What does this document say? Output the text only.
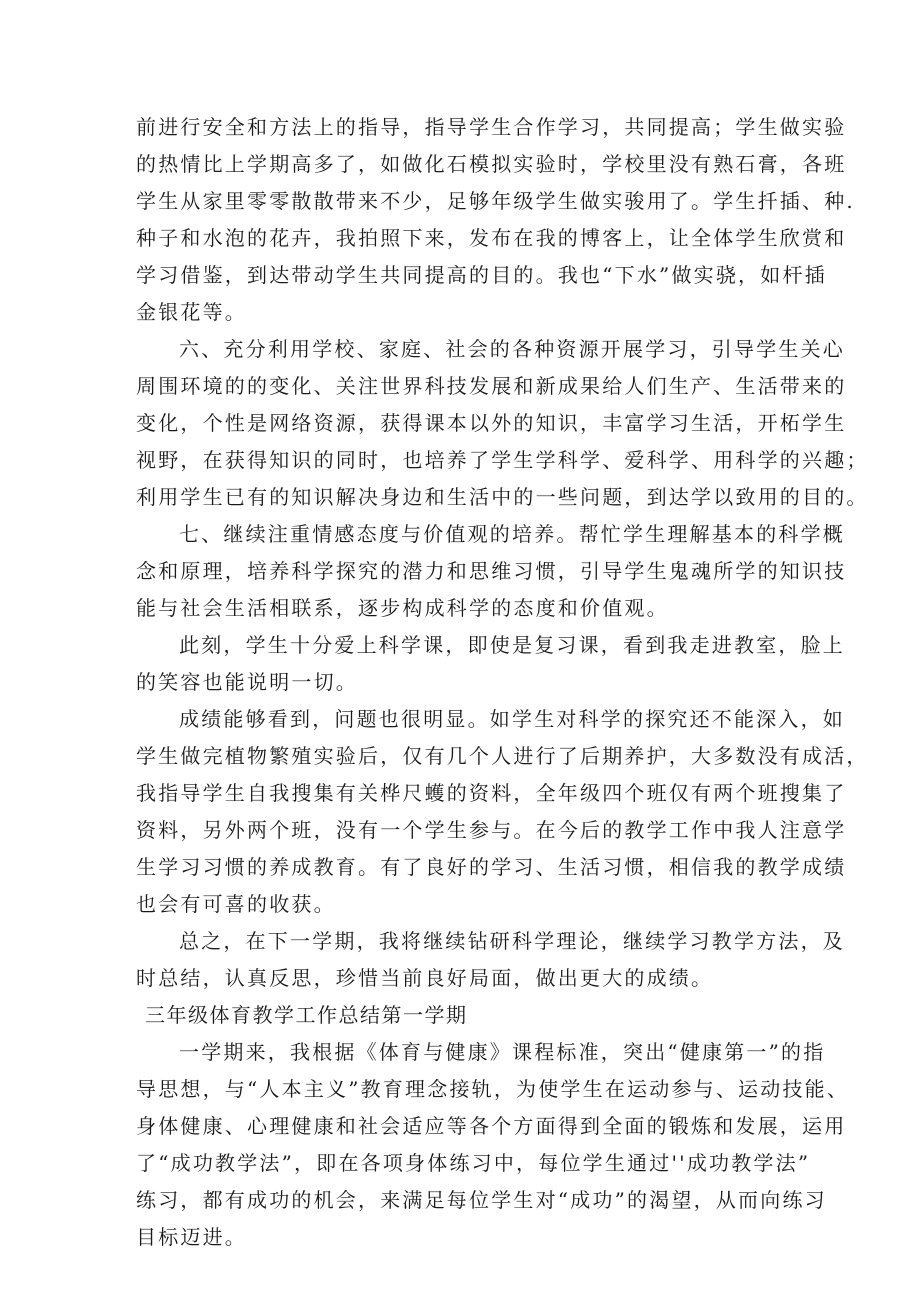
前进行安全和方法上的指导，指导学生合作学习，共同提高；学生做实验
的热情比上学期高多了，如做化石模拟实验时，学校里没有熟石膏，各班
学生从家里零零散散带来不少，足够年级学生做实骏用了。学生扦插、种.
种子和水泡的花卉，我拍照下来，发布在我的博客上，让全体学生欣赏和
学习借鉴，到达带动学生共同提高的目的。我也“下水”做实骁，如杆插
金银花等。
六、充分利用学校、家庭、社会的各种资源开展学习，引导学生关心
周围环境的的变化、关注世界科技发展和新成果给人们生产、生活带来的
变化，个性是网络资源，获得课本以外的知识，丰富学习生活，开柘学生
视野，在获得知识的同时，也培养了学生学科学、爱科学、用科学的兴趣；
利用学生已有的知识解决身边和生活中的一些问题，到达学以致用的目的。
七、继续注重情感态度与价值观的培养。帮忙学生理解基本的科学概
念和原理，培养科学探究的潜力和思维习惯，引导学生鬼魂所学的知识技
能与社会生活相联系，逐步构成科学的态度和价值观。
此刻，学生十分爱上科学课，即使是复习课，看到我走进教室，脸上
的笑容也能说明一切。
成绩能够看到，问题也很明显。如学生对科学的探究还不能深入，如
学生做完植物繁殖实验后，仅有几个人进行了后期养护，大多数没有成活，
我指导学生自我搜集有关桦尺蠖的资料，全年级四个班仅有两个班搜集了
资料，另外两个班，没有一个学生参与。在今后的教学工作中我人注意学
生学习习惯的养成教育。有了良好的学习、生活习惯，相信我的教学成绩
也会有可喜的收获。
总之，在下一学期，我将继续钻研科学理论，继续学习教学方法，及
时总结，认真反思，珍惜当前良好局面，做出更大的成绩。
三年级体育教学工作总结第一学期
一学期来，我根据《体育与健康》课程标准，突出“健康第一”的指
导思想，与“人本主义”教育理念接轨，为使学生在运动参与、运动技能、
身体健康、心理健康和社会适应等各个方面得到全面的锻炼和发展，运用
了“成功教学法”，即在各项身体练习中，每位学生通过''成功教学法”
练习，都有成功的机会，来满足每位学生对“成功”的渴望，从而向练习
目标迈进。
